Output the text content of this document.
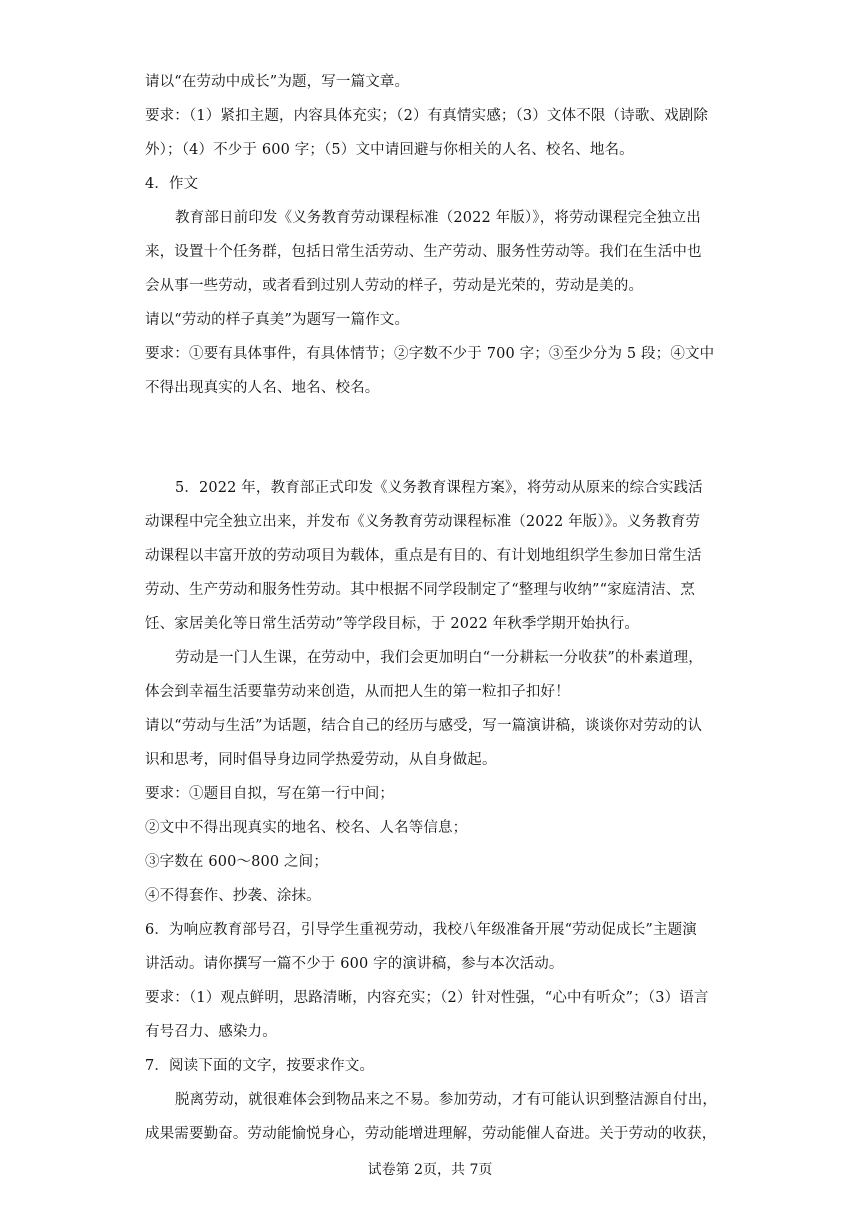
请以“在劳动中成长”为题，写一篇文章。
要求：（1）紧扣主题，内容具体充实；（2）有真情实感；（3）文体不限（诗歌、戏剧除
外）；（4）不少于 600 字；（5）文中请回避与你相关的人名、校名、地名。
4．作文
教育部日前印发《义务教育劳动课程标准（2022 年版）》，将劳动课程完全独立出
来，设置十个任务群，包括日常生活劳动、生产劳动、服务性劳动等。我们在生活中也
会从事一些劳动，或者看到过别人劳动的样子，劳动是光荣的，劳动是美的。
请以“劳动的样子真美”为题写一篇作文。
要求：①要有具体事件，有具体情节；②字数不少于 700 字；③至少分为 5 段；④文中
不得出现真实的人名、地名、校名。
5．2022 年，教育部正式印发《义务教育课程方案》，将劳动从原来的综合实践活
动课程中完全独立出来，并发布《义务教育劳动课程标准（2022 年版）》。义务教育劳
动课程以丰富开放的劳动项目为载体，重点是有目的、有计划地组织学生参加日常生活
劳动、生产劳动和服务性劳动。其中根据不同学段制定了“整理与收纳”“家庭清洁、烹
饪、家居美化等日常生活劳动”等学段目标，于 2022 年秋季学期开始执行。
劳动是一门人生课，在劳动中，我们会更加明白“一分耕耘一分收获”的朴素道理，
体会到幸福生活要靠劳动来创造，从而把人生的第一粒扣子扣好！
请以“劳动与生活”为话题，结合自己的经历与感受，写一篇演讲稿，谈谈你对劳动的认
识和思考，同时倡导身边同学热爱劳动，从自身做起。
要求：①题目自拟，写在第一行中间；
②文中不得出现真实的地名、校名、人名等信息；
③字数在 600～800 之间；
④不得套作、抄袭、涂抹。
6．为响应教育部号召，引导学生重视劳动，我校八年级准备开展“劳动促成长”主题演
讲活动。请你撰写一篇不少于 600 字的演讲稿，参与本次活动。
要求：（1）观点鲜明，思路清晰，内容充实；（2）针对性强，“心中有听众”；（3）语言
有号召力、感染力。
7．阅读下面的文字，按要求作文。
脱离劳动，就很难体会到物品来之不易。参加劳动，才有可能认识到整洁源自付出，
成果需要勤奋。劳动能愉悦身心，劳动能增进理解，劳动能催人奋进。关于劳动的收获，
试卷第 2页，共 7页
